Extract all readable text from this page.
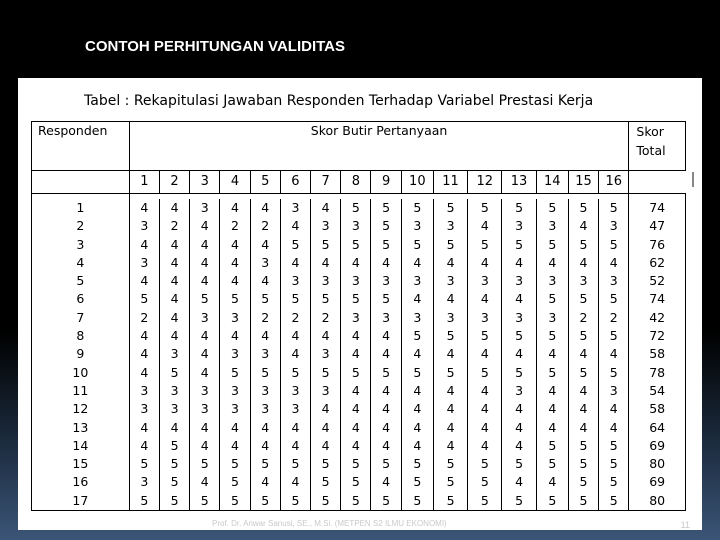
CONTOH PERHITUNGAN VALIDITAS
Tabel : Rekapitulasi Jawaban Responden Terhadap Variabel Prestasi Kerja
Responden	Skor Butir Pertanyaan																Skor
Total
	1	2	3	4	5	6	7	8	9	10	11	12	13	14	15	16	

1	4	4	3	4	4	3	4	5	5	5	5	5	5	5	5	5	74
2	3	2	4	2	2	4	3	3	5	3	3	4	3	3	4	3	47
3	4	4	4	4	4	5	5	5	5	5	5	5	5	5	5	5	76
4	3	4	4	4	3	4	4	4	4	4	4	4	4	4	4	4	62
5	4	4	4	4	4	3	3	3	3	3	3	3	3	3	3	3	52
6	5	4	5	5	5	5	5	5	5	4	4	4	4	5	5	5	74
7	2	4	3	3	2	2	2	3	3	3	3	3	3	3	2	2	42
8	4	4	4	4	4	4	4	4	4	5	5	5	5	5	5	5	72
9	4	3	4	3	3	4	3	4	4	4	4	4	4	4	4	4	58
10	4	5	4	5	5	5	5	5	5	5	5	5	5	5	5	5	78
11	3	3	3	3	3	3	3	4	4	4	4	4	3	4	4	3	54
12	3	3	3	3	3	3	4	4	4	4	4	4	4	4	4	4	58
13	4	4	4	4	4	4	4	4	4	4	4	4	4	4	4	4	64
14	4	5	4	4	4	4	4	4	4	4	4	4	4	5	5	5	69
15	5	5	5	5	5	5	5	5	5	5	5	5	5	5	5	5	80
16	3	5	4	5	4	4	5	5	4	5	5	5	4	4	5	5	69
17	5	5	5	5	5	5	5	5	5	5	5	5	5	5	5	5	80
Prof. Dr. Anwar Sanusi, SE., M.Si. (METPEN S2 ILMU EKONOMI)	11
